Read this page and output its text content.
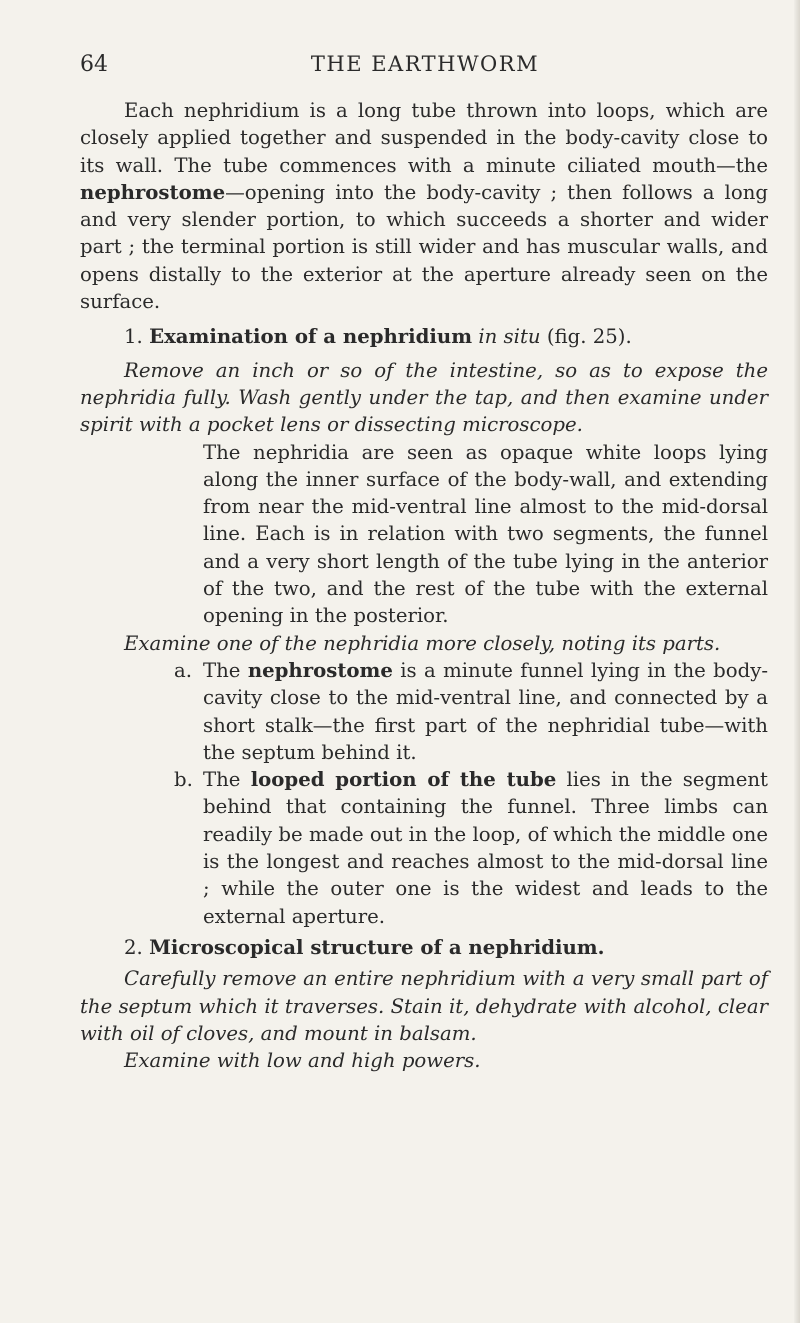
64	THE EARTHWORM

Each nephridium is a long tube thrown into loops, which are closely applied together and suspended in the body-cavity close to its wall. The tube commences with a minute ciliated mouth—the nephrostome—opening into the body-cavity ; then follows a long and very slender portion, to which succeeds a shorter and wider part ; the terminal portion is still wider and has muscular walls, and opens distally to the exterior at the aperture already seen on the surface.

1. Examination of a nephridium in situ (fig. 25).

Remove an inch or so of the intestine, so as to expose the nephridia fully. Wash gently under the tap, and then examine under spirit with a pocket lens or dissecting microscope.

The nephridia are seen as opaque white loops lying along the inner surface of the body-wall, and extending from near the mid-ventral line almost to the mid-dorsal line. Each is in relation with two segments, the funnel and a very short length of the tube lying in the anterior of the two, and the rest of the tube with the external opening in the posterior.

Examine one of the nephridia more closely, noting its parts.

a. The nephrostome is a minute funnel lying in the body-cavity close to the mid-ventral line, and connected by a short stalk—the first part of the nephridial tube—with the septum behind it.

b. The looped portion of the tube lies in the segment behind that containing the funnel. Three limbs can readily be made out in the loop, of which the middle one is the longest and reaches almost to the mid-dorsal line ; while the outer one is the widest and leads to the external aperture.

2. Microscopical structure of a nephridium.

Carefully remove an entire nephridium with a very small part of the septum which it traverses. Stain it, dehydrate with alcohol, clear with oil of cloves, and mount in balsam.

Examine with low and high powers.
